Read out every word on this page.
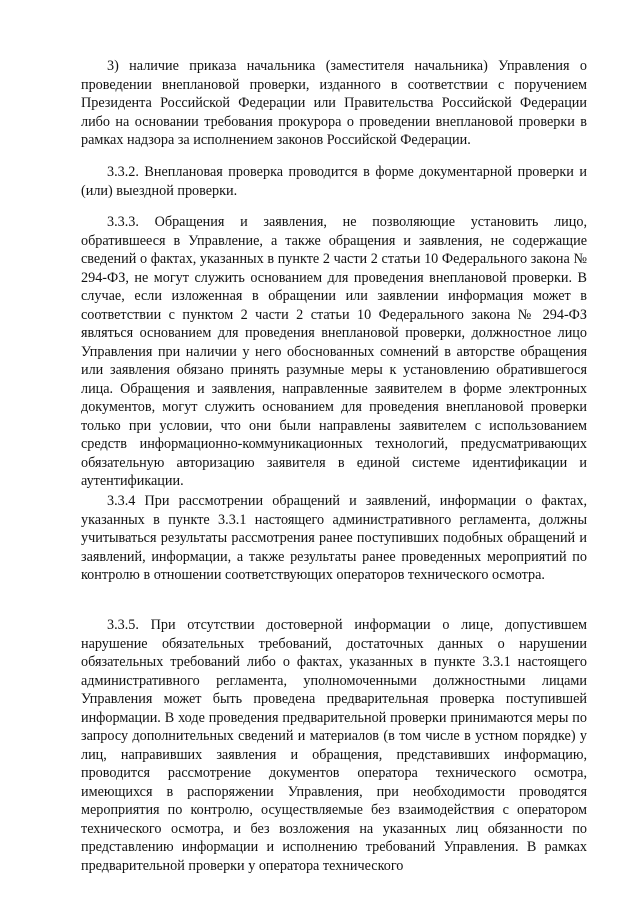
3) наличие приказа начальника (заместителя начальника) Управления о проведении внеплановой проверки, изданного в соответствии с поручением Президента Российской Федерации или Правительства Российской Федерации либо на основании требования прокурора о проведении внеплановой проверки в рамках надзора за исполнением законов Российской Федерации.

3.3.2. Внеплановая проверка проводится в форме документарной проверки и (или) выездной проверки.

3.3.3. Обращения и заявления, не позволяющие установить лицо, обратившееся в Управление, а также обращения и заявления, не содержащие сведений о фактах, указанных в пункте 2 части 2 статьи 10 Федерального закона № 294-ФЗ, не могут служить основанием для проведения внеплановой проверки. В случае, если изложенная в обращении или заявлении информация может в соответствии с пунктом 2 части 2 статьи 10 Федерального закона № 294-ФЗ являться основанием для проведения внеплановой проверки, должностное лицо Управления при наличии у него обоснованных сомнений в авторстве обращения или заявления обязано принять разумные меры к установлению обратившегося лица. Обращения и заявления, направленные заявителем в форме электронных документов, могут служить основанием для проведения внеплановой проверки только при условии, что они были направлены заявителем с использованием средств информационно-коммуникационных технологий, предусматривающих обязательную авторизацию заявителя в единой системе идентификации и аутентификации.

3.3.4 При рассмотрении обращений и заявлений, информации о фактах, указанных в пункте 3.3.1 настоящего административного регламента, должны учитываться результаты рассмотрения ранее поступивших подобных обращений и заявлений, информации, а также результаты ранее проведенных мероприятий по контролю в отношении соответствующих операторов технического осмотра.

3.3.5. При отсутствии достоверной информации о лице, допустившем нарушение обязательных требований, достаточных данных о нарушении обязательных требований либо о фактах, указанных в пункте 3.3.1 настоящего административного регламента, уполномоченными должностными лицами Управления может быть проведена предварительная проверка поступившей информации. В ходе проведения предварительной проверки принимаются меры по запросу дополнительных сведений и материалов (в том числе в устном порядке) у лиц, направивших заявления и обращения, представивших информацию, проводится рассмотрение документов оператора технического осмотра, имеющихся в распоряжении Управления, при необходимости проводятся мероприятия по контролю, осуществляемые без взаимодействия с оператором технического осмотра, и без возложения на указанных лиц обязанности по представлению информации и исполнению требований Управления. В рамках предварительной проверки у оператора технического
